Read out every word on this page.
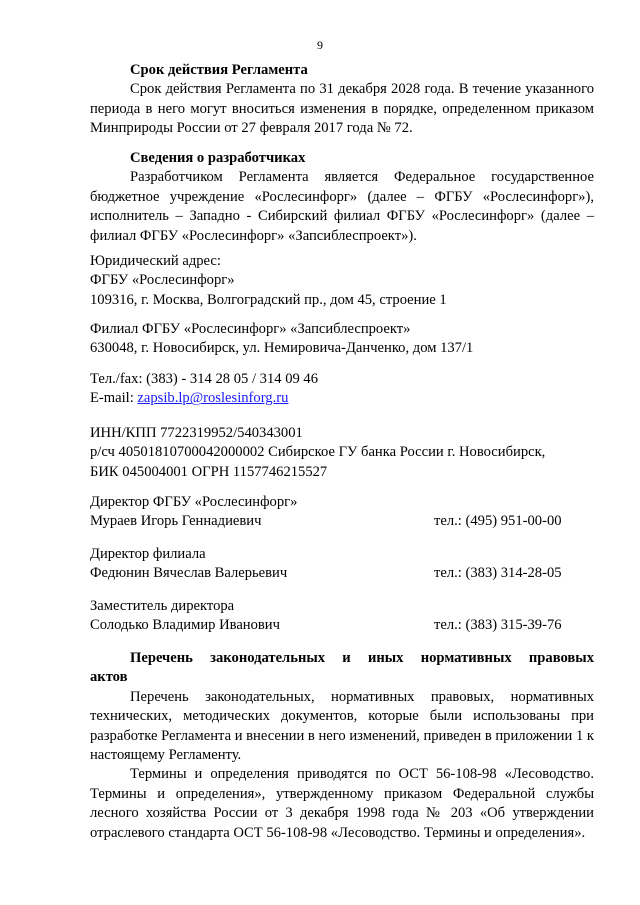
9

Срок действия Регламента

Срок действия Регламента по 31 декабря 2028 года. В течение указанного периода в него могут вноситься изменения в порядке, определенном приказом Минприроды России от 27 февраля 2017 года № 72.

Сведения о разработчиках

Разработчиком Регламента является Федеральное государственное бюджетное учреждение «Рослесинфорг» (далее – ФГБУ «Рослесинфорг»), исполнитель – Западно - Сибирский филиал ФГБУ «Рослесинфорг» (далее – филиал ФГБУ «Рослесинфорг» «Запсиблеспроект»).

Юридический адрес:

ФГБУ «Рослесинфорг»

109316, г. Москва, Волгоградский пр., дом 45, строение 1

Филиал ФГБУ «Рослесинфорг» «Запсиблеспроект»

630048, г. Новосибирск, ул. Немировича-Данченко, дом 137/1

Тел./fax: (383) - 314 28 05 / 314 09 46

E-mail: zapsib.lp@roslesinforg.ru

ИНН/КПП 7722319952/540343001

р/сч 40501810700042000002 Сибирское ГУ банка России г. Новосибирск,

БИК 045004001 ОГРН 1157746215527

Директор ФГБУ «Рослесинфорг»

Мураев Игорь Геннадиевич	тел.: (495) 951-00-00

Директор филиала

Федюнин Вячеслав Валерьевич	тел.: (383) 314-28-05

Заместитель директора

Солодько Владимир Иванович	тел.: (383) 315-39-76

Перечень законодательных и иных нормативных правовых

актов

Перечень законодательных, нормативных правовых, нормативных технических, методических документов, которые были использованы при разработке Регламента и внесении в него изменений, приведен в приложении 1 к настоящему Регламенту.

Термины и определения приводятся по ОСТ 56-108-98 «Лесоводство. Термины и определения», утвержденному приказом Федеральной службы лесного хозяйства России от 3 декабря 1998 года № 203 «Об утверждении отраслевого стандарта ОСТ 56-108-98 «Лесоводство. Термины и определения».
